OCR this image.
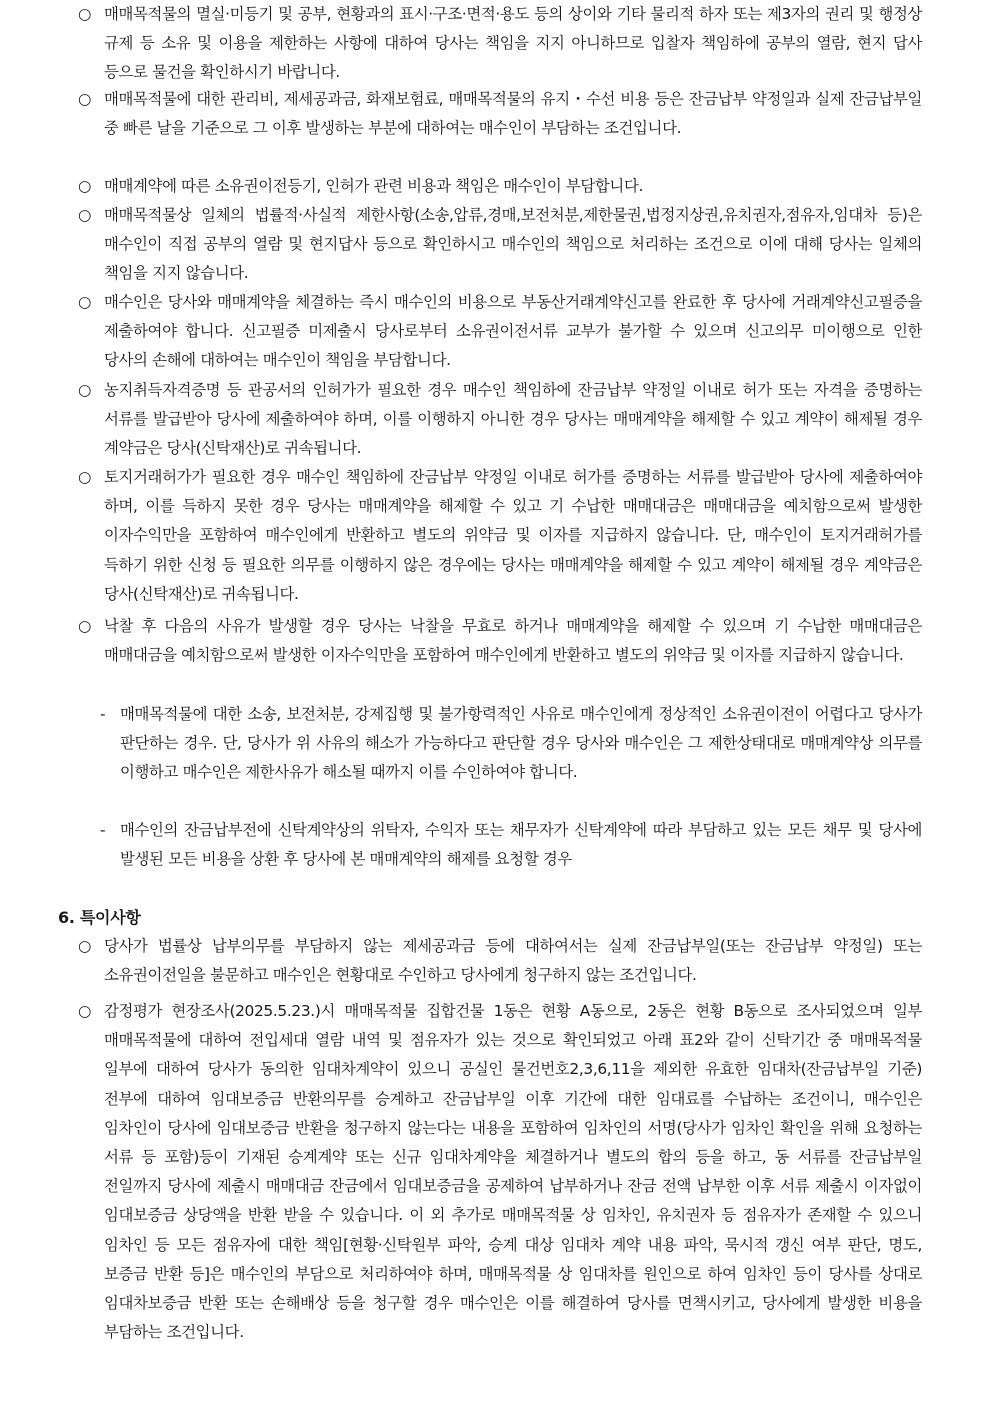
○ 매매목적물의 멸실·미등기 및 공부, 현황과의 표시·구조·면적·용도 등의 상이와 기타 물리적 하자 또는 제3자의 권리 및 행정상 규제 등 소유 및 이용을 제한하는 사항에 대하여 당사는 책임을 지지 아니하므로 입찰자 책임하에 공부의 열람, 현지 답사 등으로 물건을 확인하시기 바랍니다.
○ 매매목적물에 대한 관리비, 제세공과금, 화재보험료, 매매목적물의 유지・수선 비용 등은 잔금납부 약정일과 실제 잔금납부일 중 빠른 날을 기준으로 그 이후 발생하는 부분에 대하여는 매수인이 부담하는 조건입니다.
○ 매매계약에 따른 소유권이전등기, 인허가 관련 비용과 책임은 매수인이 부담합니다.
○ 매매목적물상 일체의 법률적·사실적 제한사항(소송,압류,경매,보전처분,제한물권,법정지상권,유치권자,점유자,임대차 등)은 매수인이 직접 공부의 열람 및 현지답사 등으로 확인하시고 매수인의 책임으로 처리하는 조건으로 이에 대해 당사는 일체의 책임을 지지 않습니다.
○ 매수인은 당사와 매매계약을 체결하는 즉시 매수인의 비용으로 부동산거래계약신고를 완료한 후 당사에 거래계약신고필증을 제출하여야 합니다. 신고필증 미제출시 당사로부터 소유권이전서류 교부가 불가할 수 있으며 신고의무 미이행으로 인한 당사의 손해에 대하여는 매수인이 책임을 부담합니다.
○ 농지취득자격증명 등 관공서의 인허가가 필요한 경우 매수인 책임하에 잔금납부 약정일 이내로 허가 또는 자격을 증명하는 서류를 발급받아 당사에 제출하여야 하며, 이를 이행하지 아니한 경우 당사는 매매계약을 해제할 수 있고 계약이 해제될 경우 계약금은 당사(신탁재산)로 귀속됩니다.
○ 토지거래허가가 필요한 경우 매수인 책임하에 잔금납부 약정일 이내로 허가를 증명하는 서류를 발급받아 당사에 제출하여야 하며, 이를 득하지 못한 경우 당사는 매매계약을 해제할 수 있고 기 수납한 매매대금은 매매대금을 예치함으로써 발생한 이자수익만을 포함하여 매수인에게 반환하고 별도의 위약금 및 이자를 지급하지 않습니다. 단, 매수인이 토지거래허가를 득하기 위한 신청 등 필요한 의무를 이행하지 않은 경우에는 당사는 매매계약을 해제할 수 있고 계약이 해제될 경우 계약금은 당사(신탁재산)로 귀속됩니다.
○ 낙찰 후 다음의 사유가 발생할 경우 당사는 낙찰을 무효로 하거나 매매계약을 해제할 수 있으며 기 수납한 매매대금은 매매대금을 예치함으로써 발생한 이자수익만을 포함하여 매수인에게 반환하고 별도의 위약금 및 이자를 지급하지 않습니다.
- 매매목적물에 대한 소송, 보전처분, 강제집행 및 불가항력적인 사유로 매수인에게 정상적인 소유권이전이 어렵다고 당사가 판단하는 경우. 단, 당사가 위 사유의 해소가 가능하다고 판단할 경우 당사와 매수인은 그 제한상태대로 매매계약상 의무를 이행하고 매수인은 제한사유가 해소될 때까지 이를 수인하여야 합니다.
- 매수인의 잔금납부전에 신탁계약상의 위탁자, 수익자 또는 채무자가 신탁계약에 따라 부담하고 있는 모든 채무 및 당사에 발생된 모든 비용을 상환 후 당사에 본 매매계약의 해제를 요청할 경우
6. 특이사항
○ 당사가 법률상 납부의무를 부담하지 않는 제세공과금 등에 대하여서는 실제 잔금납부일(또는 잔금납부 약정일) 또는 소유권이전일을 불문하고 매수인은 현황대로 수인하고 당사에게 청구하지 않는 조건입니다.
○ 감정평가 현장조사(2025.5.23.)시 매매목적물 집합건물 1동은 현황 A동으로, 2동은 현황 B동으로 조사되었으며 일부 매매목적물에 대하여 전입세대 열람 내역 및 점유자가 있는 것으로 확인되었고 아래 표2와 같이 신탁기간 중 매매목적물 일부에 대하여 당사가 동의한 임대차계약이 있으니 공실인 물건번호2,3,6,11을 제외한 유효한 임대차(잔금납부일 기준) 전부에 대하여 임대보증금 반환의무를 승계하고 잔금납부일 이후 기간에 대한 임대료를 수납하는 조건이니, 매수인은 임차인이 당사에 임대보증금 반환을 청구하지 않는다는 내용을 포함하여 임차인의 서명(당사가 임차인 확인을 위해 요청하는 서류 등 포함)등이 기재된 승계계약 또는 신규 임대차계약을 체결하거나 별도의 합의 등을 하고, 동 서류를 잔금납부일 전일까지 당사에 제출시 매매대금 잔금에서 임대보증금을 공제하여 납부하거나 잔금 전액 납부한 이후 서류 제출시 이자없이 임대보증금 상당액을 반환 받을 수 있습니다. 이 외 추가로 매매목적물 상 임차인, 유치권자 등 점유자가 존재할 수 있으니 임차인 등 모든 점유자에 대한 책임[현황·신탁원부 파악, 승계 대상 임대차 계약 내용 파악, 묵시적 갱신 여부 판단, 명도, 보증금 반환 등]은 매수인의 부담으로 처리하여야 하며, 매매목적물 상 임대차를 원인으로 하여 임차인 등이 당사를 상대로 임대차보증금 반환 또는 손해배상 등을 청구할 경우 매수인은 이를 해결하여 당사를 면책시키고, 당사에게 발생한 비용을 부담하는 조건입니다.
